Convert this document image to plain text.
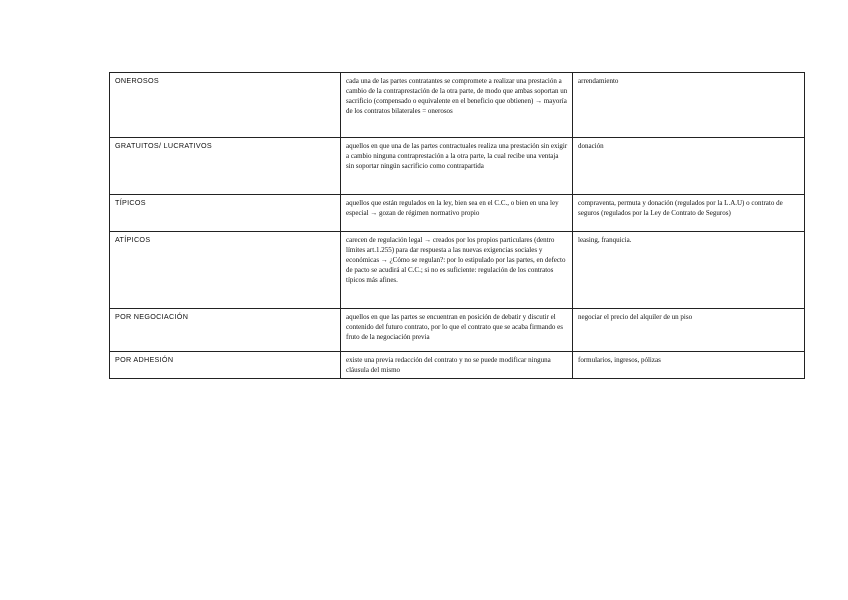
ONEROSOS	cada una de las partes contratantes se compromete a realizar una prestación a cambio de la contraprestación de la otra parte, de modo que ambas soportan un sacrificio (compensado o equivalente en el beneficio que obtienen) → mayoría de los contratos bilaterales = onerosos	arrendamiento
GRATUITOS/ LUCRATIVOS	aquellos en que una de las partes contractuales realiza una prestación sin exigir a cambio ninguna contraprestación a la otra parte, la cual recibe una ventaja sin soportar ningún sacrificio como contrapartida	donación
TÍPICOS	aquellos que están regulados en la ley, bien sea en el C.C., o bien en una ley especial → gozan de régimen normativo propio	compraventa, permuta y donación (regulados por la L.A.U) o contrato de seguros (regulados por la Ley de Contrato de Seguros)
ATÍPICOS	carecen de regulación legal → creados por los propios particulares (dentro límites art.1.255) para dar respuesta a las nuevas exigencias sociales y económicas → ¿Cómo se regulan?: por lo estipulado por las partes, en defecto de pacto se acudirá al C.C.; si no es suficiente: regulación de los contratos típicos más afines.	leasing, franquicia.
POR NEGOCIACIÓN	aquellos en que las partes se encuentran en posición de debatir y discutir el contenido del futuro contrato, por lo que el contrato que se acaba firmando es fruto de la negociación previa	negociar el precio del alquiler de un piso
POR ADHESIÓN	existe una previa redacción del contrato y no se puede modificar ninguna cláusula del mismo	formularios, ingresos, pólizas
